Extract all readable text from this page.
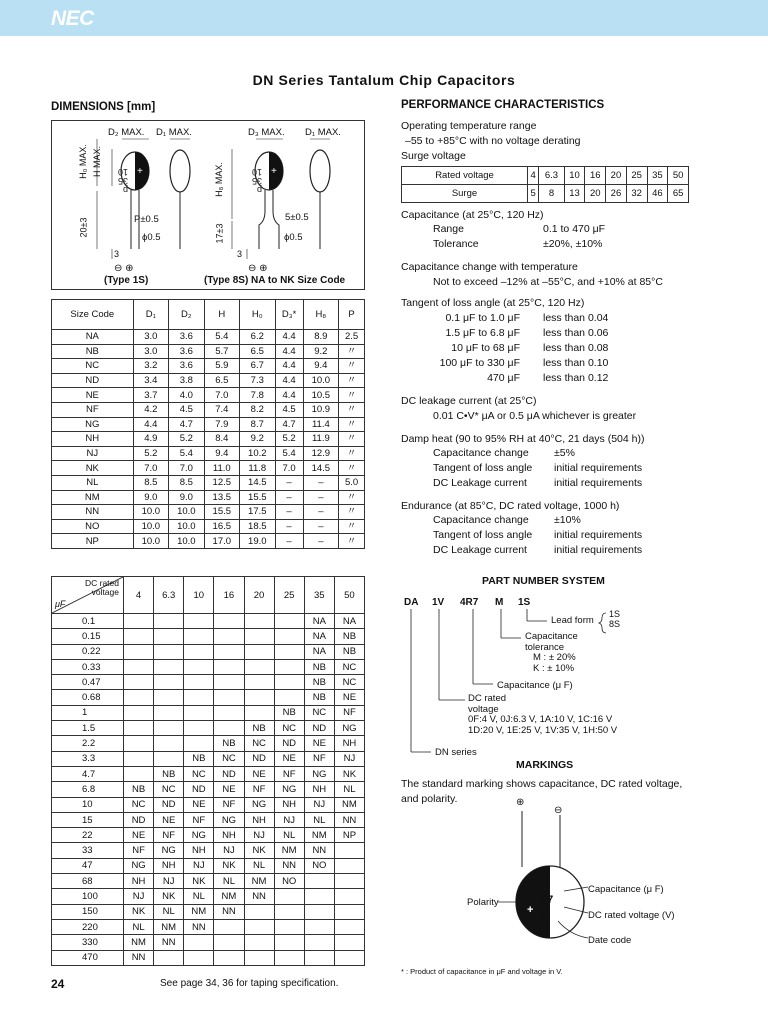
NEC
DN Series Tantalum Chip Capacitors
DIMENSIONS [mm]
D₂ MAX. D₁ MAX.	D₃ MAX. D₁ MAX.
H₀ MAX. H MAX.
H₈ MAX.
20±3	17±3
P±0.5
ϕ0.5
5±0.5
ϕ0.5
3	3
⊖ ⊕	⊖ ⊕
p
35
10 +
p
35
10 +
(Type 1S)	(Type 8S) NA to NK Size Code
Size Code	D₁	D₂	H	H₀	D₃*	H₈	P
NA	3.0	3.6	5.4	6.2	4.4	8.9	2.5
NB	3.0	3.6	5.7	6.5	4.4	9.2	〃
NC	3.2	3.6	5.9	6.7	4.4	9.4	〃
ND	3.4	3.8	6.5	7.3	4.4	10.0	〃
NE	3.7	4.0	7.0	7.8	4.4	10.5	〃
NF	4.2	4.5	7.4	8.2	4.5	10.9	〃
NG	4.4	4.7	7.9	8.7	4.7	11.4	〃
NH	4.9	5.2	8.4	9.2	5.2	11.9	〃
NJ	5.2	5.4	9.4	10.2	5.4	12.9	〃
NK	7.0	7.0	11.0	11.8	7.0	14.5	〃
NL	8.5	8.5	12.5	14.5	–	–	5.0
NM	9.0	9.0	13.5	15.5	–	–	〃
NN	10.0	10.0	15.5	17.5	–	–	〃
NO	10.0	10.0	16.5	18.5	–	–	〃
NP	10.0	10.0	17.0	19.0	–	–	〃
μF
DC rated voltage	4	6.3	10	16	20	25	35	50
0.1							NA	NA
0.15							NA	NB
0.22							NA	NB
0.33							NB	NC
0.47							NB	NC
0.68							NB	NE
1						NB	NC	NF
1.5					NB	NC	ND	NG
2.2				NB	NC	ND	NE	NH
3.3			NB	NC	ND	NE	NF	NJ
4.7		NB	NC	ND	NE	NF	NG	NK
6.8	NB	NC	ND	NE	NF	NG	NH	NL
10	NC	ND	NE	NF	NG	NH	NJ	NM
15	ND	NE	NF	NG	NH	NJ	NL	NN
22	NE	NF	NG	NH	NJ	NL	NM	NP
33	NF	NG	NH	NJ	NK	NM	NN	
47	NG	NH	NJ	NK	NL	NN	NO	
68	NH	NJ	NK	NL	NM	NO		
100	NJ	NK	NL	NM	NN			
150	NK	NL	NM	NN				
220	NL	NM	NN					
330	NM	NN						
470	NN							
24	See page 34, 36 for taping specification.
PERFORMANCE CHARACTERISTICS
Operating temperature range
–55 to +85°C with no voltage derating
Surge voltage
Rated voltage	4	6.3	10	16	20	25	35	50
Surge	5	8	13	20	26	32	46	65
Capacitance (at 25°C, 120 Hz)
Range	0.1 to 470 μF
Tolerance	±20%, ±10%
Capacitance change with temperature
Not to exceed –12% at –55°C, and +10% at 85°C
Tangent of loss angle (at 25°C, 120 Hz)
0.1 μF to 1.0 μF less than 0.04
1.5 μF to 6.8 μF less than 0.06
10 μF to 68 μF less than 0.08
100 μF to 330 μF less than 0.10
470 μF less than 0.12
DC leakage current (at 25°C)
0.01 C•V* μA or 0.5 μA whichever is greater
Damp heat (90 to 95% RH at 40°C, 21 days (504 h))
Capacitance change ±5%
Tangent of loss angle initial requirements
DC Leakage current	initial requirements
Endurance (at 85°C, DC rated voltage, 1000 h)
Capacitance change ±10%
Tangent of loss angle initial requirements
DC Leakage current	initial requirements
PART NUMBER SYSTEM
DA 1V 4R7 M 1S
Lead form
1S
8S
Capacitance
tolerance
M : ± 20%
K : ± 10%
Capacitance (μ F)
DC rated
voltage
0F:4 V, 0J:6.3 V, 1A:10 V, 1C:16 V
1D:20 V, 1E:25 V, 1V:35 V, 1H:50 V
DN series
MARKINGS
The standard marking shows capacitance, DC rated voltage,
and polarity.	⊕
⊖
Polarity	4.7
35
P
+
Capacitance (μ F)
DC rated voltage (V)
Date code
* : Product of capacitance in μF and voltage in V.
